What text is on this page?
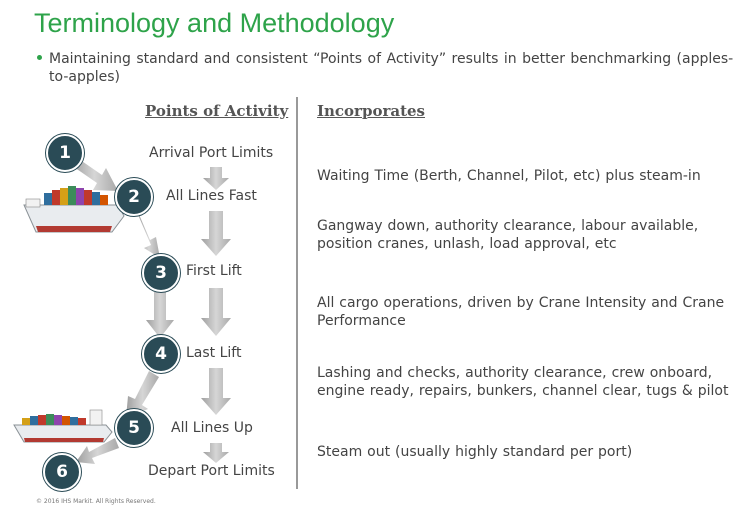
Terminology and Methodology
Maintaining standard and consistent “Points of Activity” results in better benchmarking (apples-to-apples)
Points of Activity Incorporates
1
2
3
4
5
6
Arrival Port Limits
All Lines Fast
First Lift
Last Lift
All Lines Up
Depart Port Limits
Waiting Time (Berth, Channel, Pilot, etc) plus steam-in
Gangway down, authority clearance, labour available, position cranes, unlash, load approval, etc
All cargo operations, driven by Crane Intensity and Crane Performance
Lashing and checks, authority clearance, crew onboard, engine ready, repairs, bunkers, channel clear, tugs & pilot
Steam out (usually highly standard per port)
© 2016 IHS Markit. All Rights Reserved.
